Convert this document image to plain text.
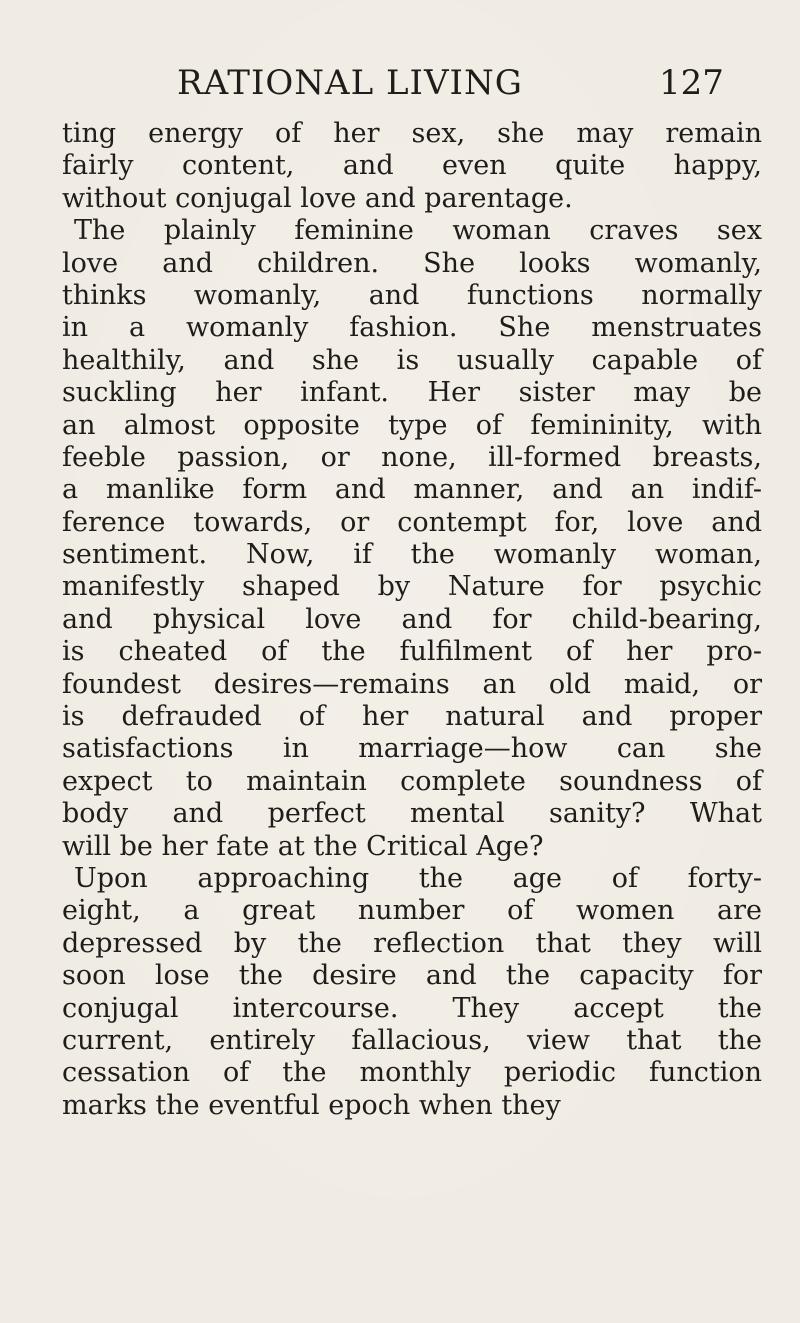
RATIONAL LIVING	127
ting energy of her sex, she may remain
fairly content, and even quite happy,
without conjugal love and parentage.
The plainly feminine woman craves sex
love and children. She looks womanly,
thinks womanly, and functions normally
in a womanly fashion. She menstruates
healthily, and she is usually capable of
suckling her infant. Her sister may be
an almost opposite type of femininity, with
feeble passion, or none, ill-formed breasts,
a manlike form and manner, and an indif-
ference towards, or contempt for, love and
sentiment. Now, if the womanly woman,
manifestly shaped by Nature for psychic
and physical love and for child-bearing,
is cheated of the fulfilment of her pro-
foundest desires—remains an old maid, or
is defrauded of her natural and proper
satisfactions in marriage—how can she
expect to maintain complete soundness of
body and perfect mental sanity? What
will be her fate at the Critical Age?
Upon approaching the age of forty-
eight, a great number of women are
depressed by the reflection that they will
soon lose the desire and the capacity for
conjugal intercourse. They accept the
current, entirely fallacious, view that the
cessation of the monthly periodic function
marks the eventful epoch when they
